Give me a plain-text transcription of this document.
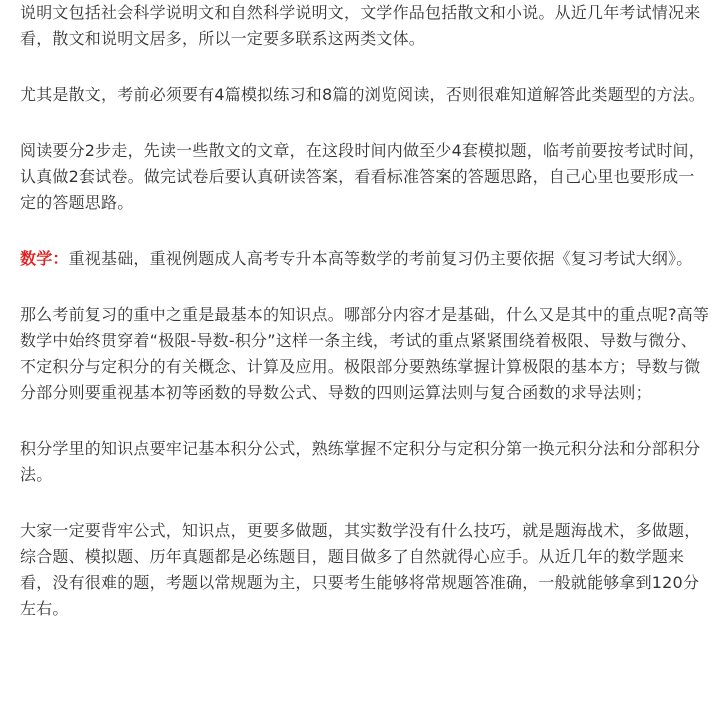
说明文包括社会科学说明文和自然科学说明文，文学作品包括散文和小说。从近几年考试情况来看，散文和说明文居多，所以一定要多联系这两类文体。

尤其是散文，考前必须要有4篇模拟练习和8篇的浏览阅读，否则很难知道解答此类题型的方法。

阅读要分2步走，先读一些散文的文章，在这段时间内做至少4套模拟题，临考前要按考试时间，认真做2套试卷。做完试卷后要认真研读答案，看看标准答案的答题思路，自己心里也要形成一定的答题思路。

数学：重视基础，重视例题成人高考专升本高等数学的考前复习仍主要依据《复习考试大纲》。

那么考前复习的重中之重是最基本的知识点。哪部分内容才是基础，什么又是其中的重点呢?高等数学中始终贯穿着“极限-导数-积分”这样一条主线，考试的重点紧紧围绕着极限、导数与微分、不定积分与定积分的有关概念、计算及应用。极限部分要熟练掌握计算极限的基本方；导数与微分部分则要重视基本初等函数的导数公式、导数的四则运算法则与复合函数的求导法则；

积分学里的知识点要牢记基本积分公式，熟练掌握不定积分与定积分第一换元积分法和分部积分法。

大家一定要背牢公式，知识点，更要多做题，其实数学没有什么技巧，就是题海战术，多做题，综合题、模拟题、历年真题都是必练题目，题目做多了自然就得心应手。从近几年的数学题来看，没有很难的题，考题以常规题为主，只要考生能够将常规题答准确，一般就能够拿到120分左右。
